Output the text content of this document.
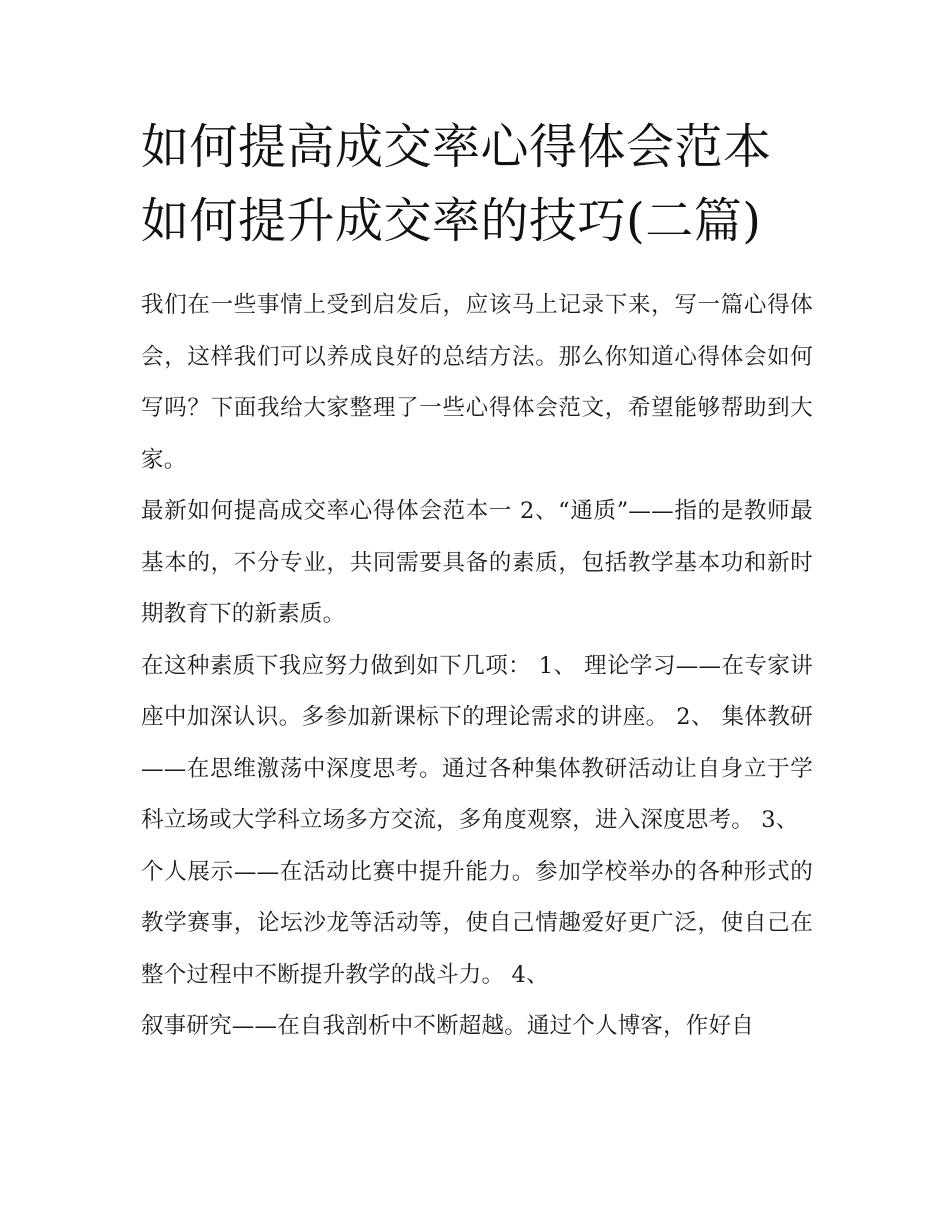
如何提高成交率心得体会范本 如何提升成交率的技巧(二篇)

我们在一些事情上受到启发后，应该马上记录下来，写一篇心得体会，这样我们可以养成良好的总结方法。那么你知道心得体会如何写吗？下面我给大家整理了一些心得体会范文，希望能够帮助到大家。

最新如何提高成交率心得体会范本一 2、“通质”——指的是教师最基本的，不分专业，共同需要具备的素质，包括教学基本功和新时期教育下的新素质。

在这种素质下我应努力做到如下几项： 1、 理论学习——在专家讲座中加深认识。多参加新课标下的理论需求的讲座。 2、 集体教研——在思维激荡中深度思考。通过各种集体教研活动让自身立于学科立场或大学科立场多方交流，多角度观察，进入深度思考。 3、

个人展示——在活动比赛中提升能力。参加学校举办的各种形式的教学赛事，论坛沙龙等活动等，使自己情趣爱好更广泛，使自己在整个过程中不断提升教学的战斗力。 4、

叙事研究——在自我剖析中不断超越。通过个人博客，作好自
